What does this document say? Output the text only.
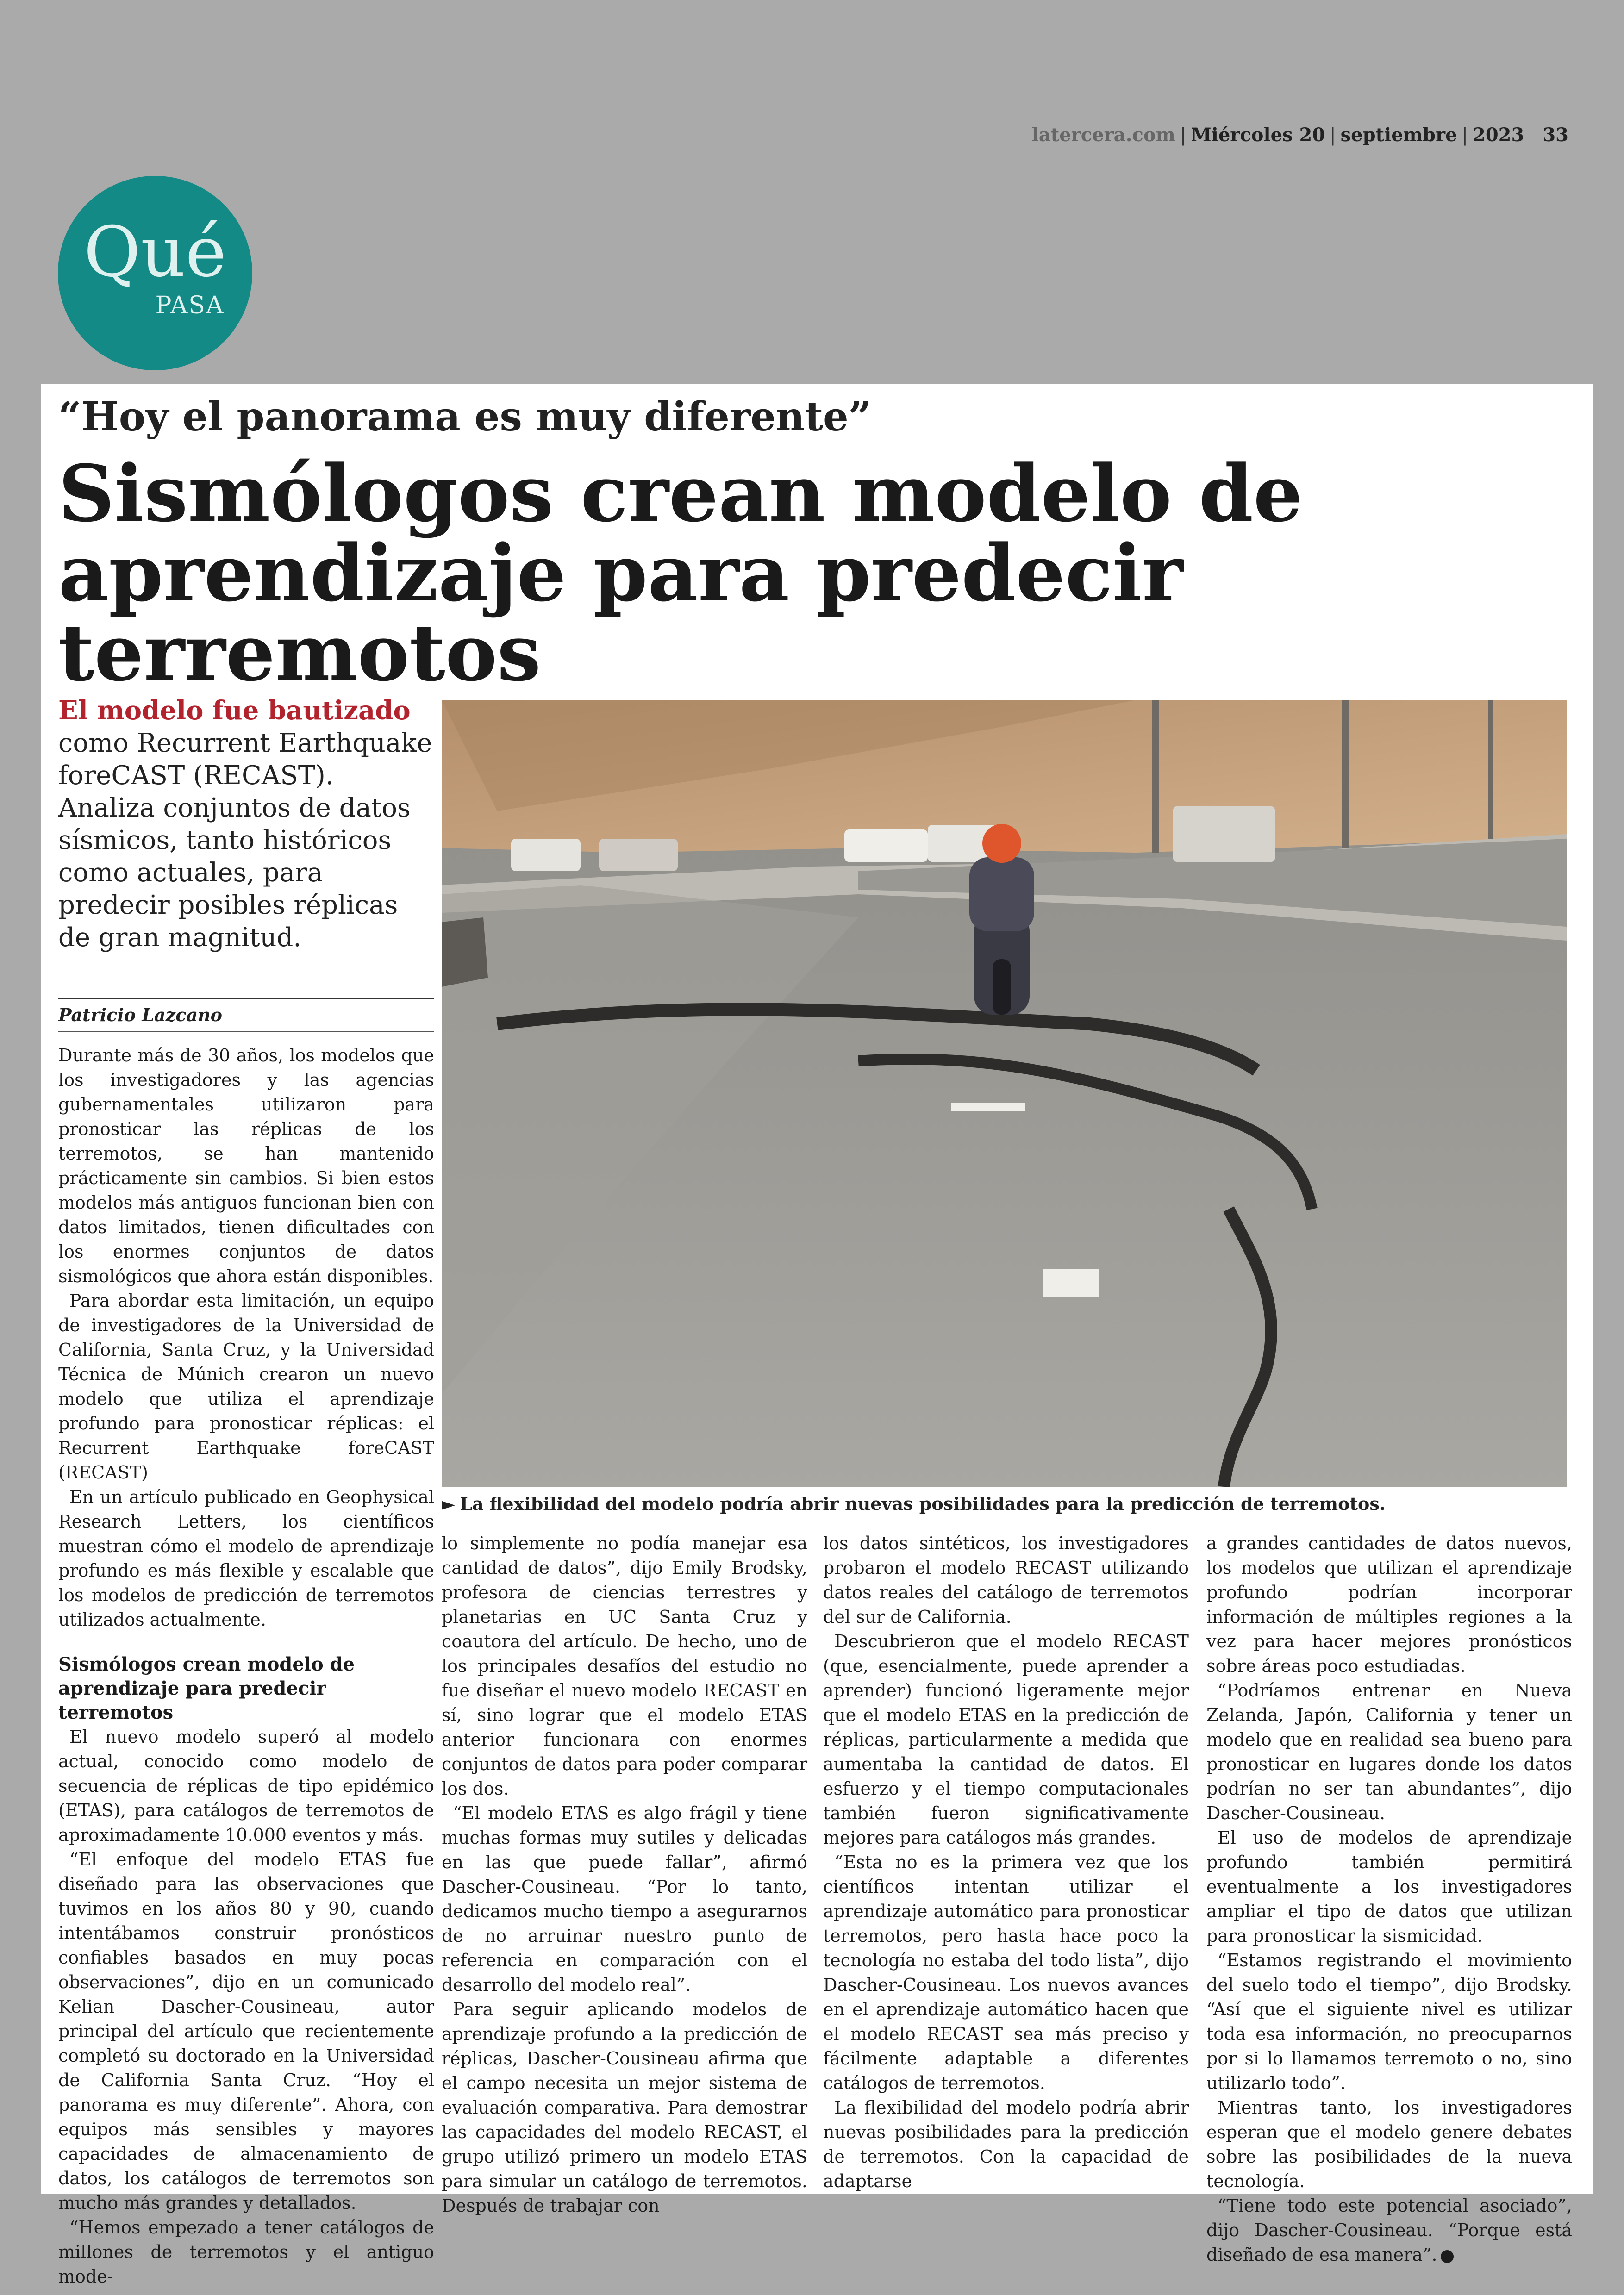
latercera.com | Miércoles 20 | septiembre | 2023 33
Qué
PASA
“Hoy el panorama es muy diferente”
Sismólogos crean modelo de aprendizaje para predecir terremotos
El modelo fue bautizado como Recurrent Earthquake foreCAST (RECAST). Analiza conjuntos de datos sísmicos, tanto históricos como actuales, para predecir posibles réplicas de gran magnitud.
Patricio Lazcano

Durante más de 30 años, los modelos que los investigadores y las agencias gubernamentales utilizaron para pronosticar las réplicas de los terremotos, se han mantenido prácticamente sin cambios. Si bien estos modelos más antiguos funcionan bien con datos limitados, tienen dificultades con los enormes conjuntos de datos sismológicos que ahora están disponibles.

Para abordar esta limitación, un equipo de investigadores de la Universidad de California, Santa Cruz, y la Universidad Técnica de Múnich crearon un nuevo modelo que utiliza el aprendizaje profundo para pronosticar réplicas: el Recurrent Earthquake foreCAST (RECAST)

En un artículo publicado en Geophysical Research Letters, los científicos muestran cómo el modelo de aprendizaje profundo es más flexible y escalable que los modelos de predicción de terremotos utilizados actualmente.

Sismólogos crean modelo de aprendizaje para predecir terremotos

El nuevo modelo superó al modelo actual, conocido como modelo de secuencia de réplicas de tipo epidémico (ETAS), para catálogos de terremotos de aproximadamente 10.000 eventos y más.

“El enfoque del modelo ETAS fue diseñado para las observaciones que tuvimos en los años 80 y 90, cuando intentábamos construir pronósticos confiables basados en muy pocas observaciones”, dijo en un comunicado Kelian Dascher-Cousineau, autor principal del artículo que recientemente completó su doctorado en la Universidad de California Santa Cruz. “Hoy el panorama es muy diferente”. Ahora, con equipos más sensibles y mayores capacidades de almacenamiento de datos, los catálogos de terremotos son mucho más grandes y detallados.

“Hemos empezado a tener catálogos de millones de terremotos y el antiguo mode-

► La flexibilidad del modelo podría abrir nuevas posibilidades para la predicción de terremotos.

lo simplemente no podía manejar esa cantidad de datos”, dijo Emily Brodsky, profesora de ciencias terrestres y planetarias en UC Santa Cruz y coautora del artículo. De hecho, uno de los principales desafíos del estudio no fue diseñar el nuevo modelo RECAST en sí, sino lograr que el modelo ETAS anterior funcionara con enormes conjuntos de datos para poder comparar los dos.

“El modelo ETAS es algo frágil y tiene muchas formas muy sutiles y delicadas en las que puede fallar”, afirmó Dascher-Cousineau. “Por lo tanto, dedicamos mucho tiempo a asegurarnos de no arruinar nuestro punto de referencia en comparación con el desarrollo del modelo real”.

Para seguir aplicando modelos de aprendizaje profundo a la predicción de réplicas, Dascher-Cousineau afirma que el campo necesita un mejor sistema de evaluación comparativa. Para demostrar las capacidades del modelo RECAST, el grupo utilizó primero un modelo ETAS para simular un catálogo de terremotos. Después de trabajar con

los datos sintéticos, los investigadores probaron el modelo RECAST utilizando datos reales del catálogo de terremotos del sur de California.

Descubrieron que el modelo RECAST (que, esencialmente, puede aprender a aprender) funcionó ligeramente mejor que el modelo ETAS en la predicción de réplicas, particularmente a medida que aumentaba la cantidad de datos. El esfuerzo y el tiempo computacionales también fueron significativamente mejores para catálogos más grandes.

“Esta no es la primera vez que los científicos intentan utilizar el aprendizaje automático para pronosticar terremotos, pero hasta hace poco la tecnología no estaba del todo lista”, dijo Dascher-Cousineau. Los nuevos avances en el aprendizaje automático hacen que el modelo RECAST sea más preciso y fácilmente adaptable a diferentes catálogos de terremotos.

La flexibilidad del modelo podría abrir nuevas posibilidades para la predicción de terremotos. Con la capacidad de adaptarse

a grandes cantidades de datos nuevos, los modelos que utilizan el aprendizaje profundo podrían incorporar información de múltiples regiones a la vez para hacer mejores pronósticos sobre áreas poco estudiadas.

“Podríamos entrenar en Nueva Zelanda, Japón, California y tener un modelo que en realidad sea bueno para pronosticar en lugares donde los datos podrían no ser tan abundantes”, dijo Dascher-Cousineau.

El uso de modelos de aprendizaje profundo también permitirá eventualmente a los investigadores ampliar el tipo de datos que utilizan para pronosticar la sismicidad.

“Estamos registrando el movimiento del suelo todo el tiempo”, dijo Brodsky. “Así que el siguiente nivel es utilizar toda esa información, no preocuparnos por si lo llamamos terremoto o no, sino utilizarlo todo”.

Mientras tanto, los investigadores esperan que el modelo genere debates sobre las posibilidades de la nueva tecnología.

“Tiene todo este potencial asociado”, dijo Dascher-Cousineau. “Porque está diseñado de esa manera”.
